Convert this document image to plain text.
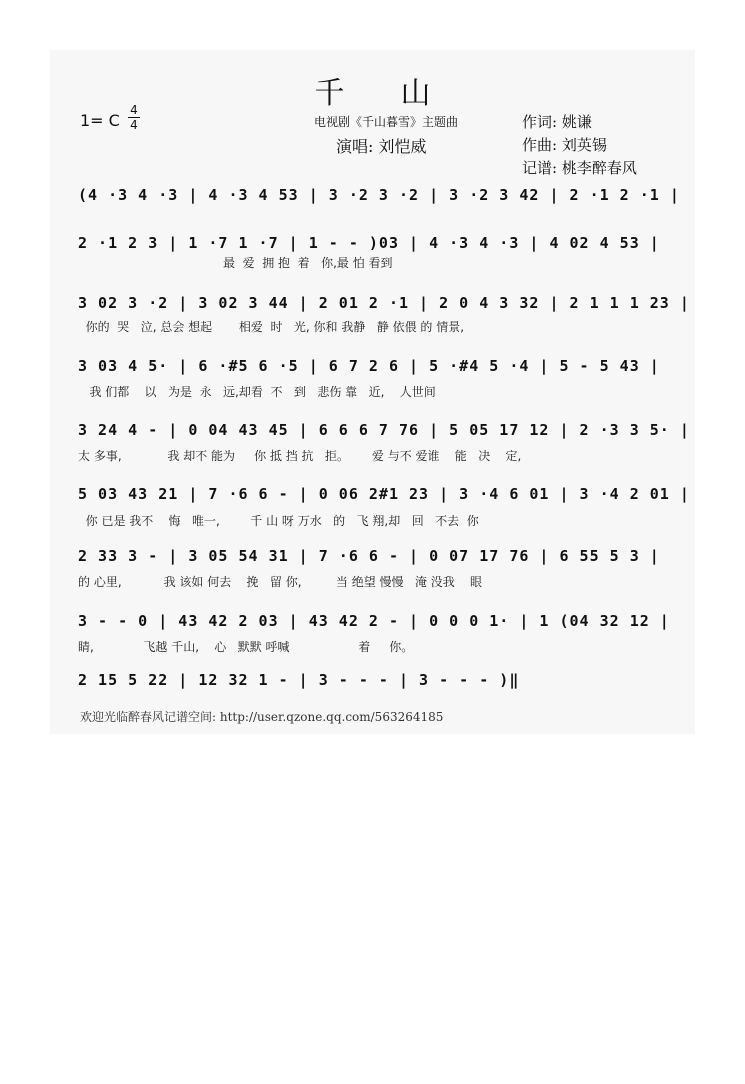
千山
1= C
4
4	电视剧《千山暮雪》主题曲
演唱: 刘恺威
作词: 姚谦
作曲: 刘英锡
记谱: 桃李醉春风
(4 ·3 4 ·3 | 4 ·3 4 53 | 3 ·2 3 ·2 | 3 ·2 3 42 | 2 ·1 2 ·1 |
2 ·1 2 3 | 1 ·7 1 ·7 | 1 - - )03 | 4 ·3 4 ·3 | 4 02 4 53 |
最  爱  拥 抱  着   你,最 怕 看到
3 02 3 ·2 | 3 02 3 44 | 2 01 2 ·1 | 2 0 4 3 32 | 2 1 1 1 23 |
你的  哭   泣, 总会 想起       相爱  时   光, 你和 我静   静 依偎 的 情景,
3 03 4 5· | 6 ·#5 6 ·5 | 6 7 2 6 | 5 ·#4 5 ·4 | 5 - 5 43 |
我 们都    以   为是  永   远,却看  不   到   悲伤 靠   近,    人世间
3 24 4 - | 0 04 43 45 | 6 6 6 7 76 | 5 05 17 12 | 2 ·3 3 5· |
太 多事,            我 却不 能为     你 抵 挡 抗   拒。      爱 与不 爱谁    能   决    定,
5 03 43 21 | 7 ·6 6 - | 0 06 2#1 23 | 3 ·4 6 01 | 3 ·4 2 01 |
你 已是 我不    悔   唯一,        千 山 呀 万水   的   飞 翔,却   回   不去  你
2 33 3 - | 3 05 54 31 | 7 ·6 6 - | 0 07 17 76 | 6 55 5 3 |
的 心里,           我 该如 何去    挽   留 你,         当 绝望 慢慢   淹 没我    眼
3 - - 0 | 43 42 2 03 | 43 42 2 - | 0 0 0 1· | 1 (04 32 12 |
睛,             飞越 千山,    心   默默 呼喊                  着     你。
2 15 5 22 | 12 32 1 - | 3 - - - | 3 - - - )‖
欢迎光临醉春风记谱空间: http://user.qzone.qq.com/563264185
